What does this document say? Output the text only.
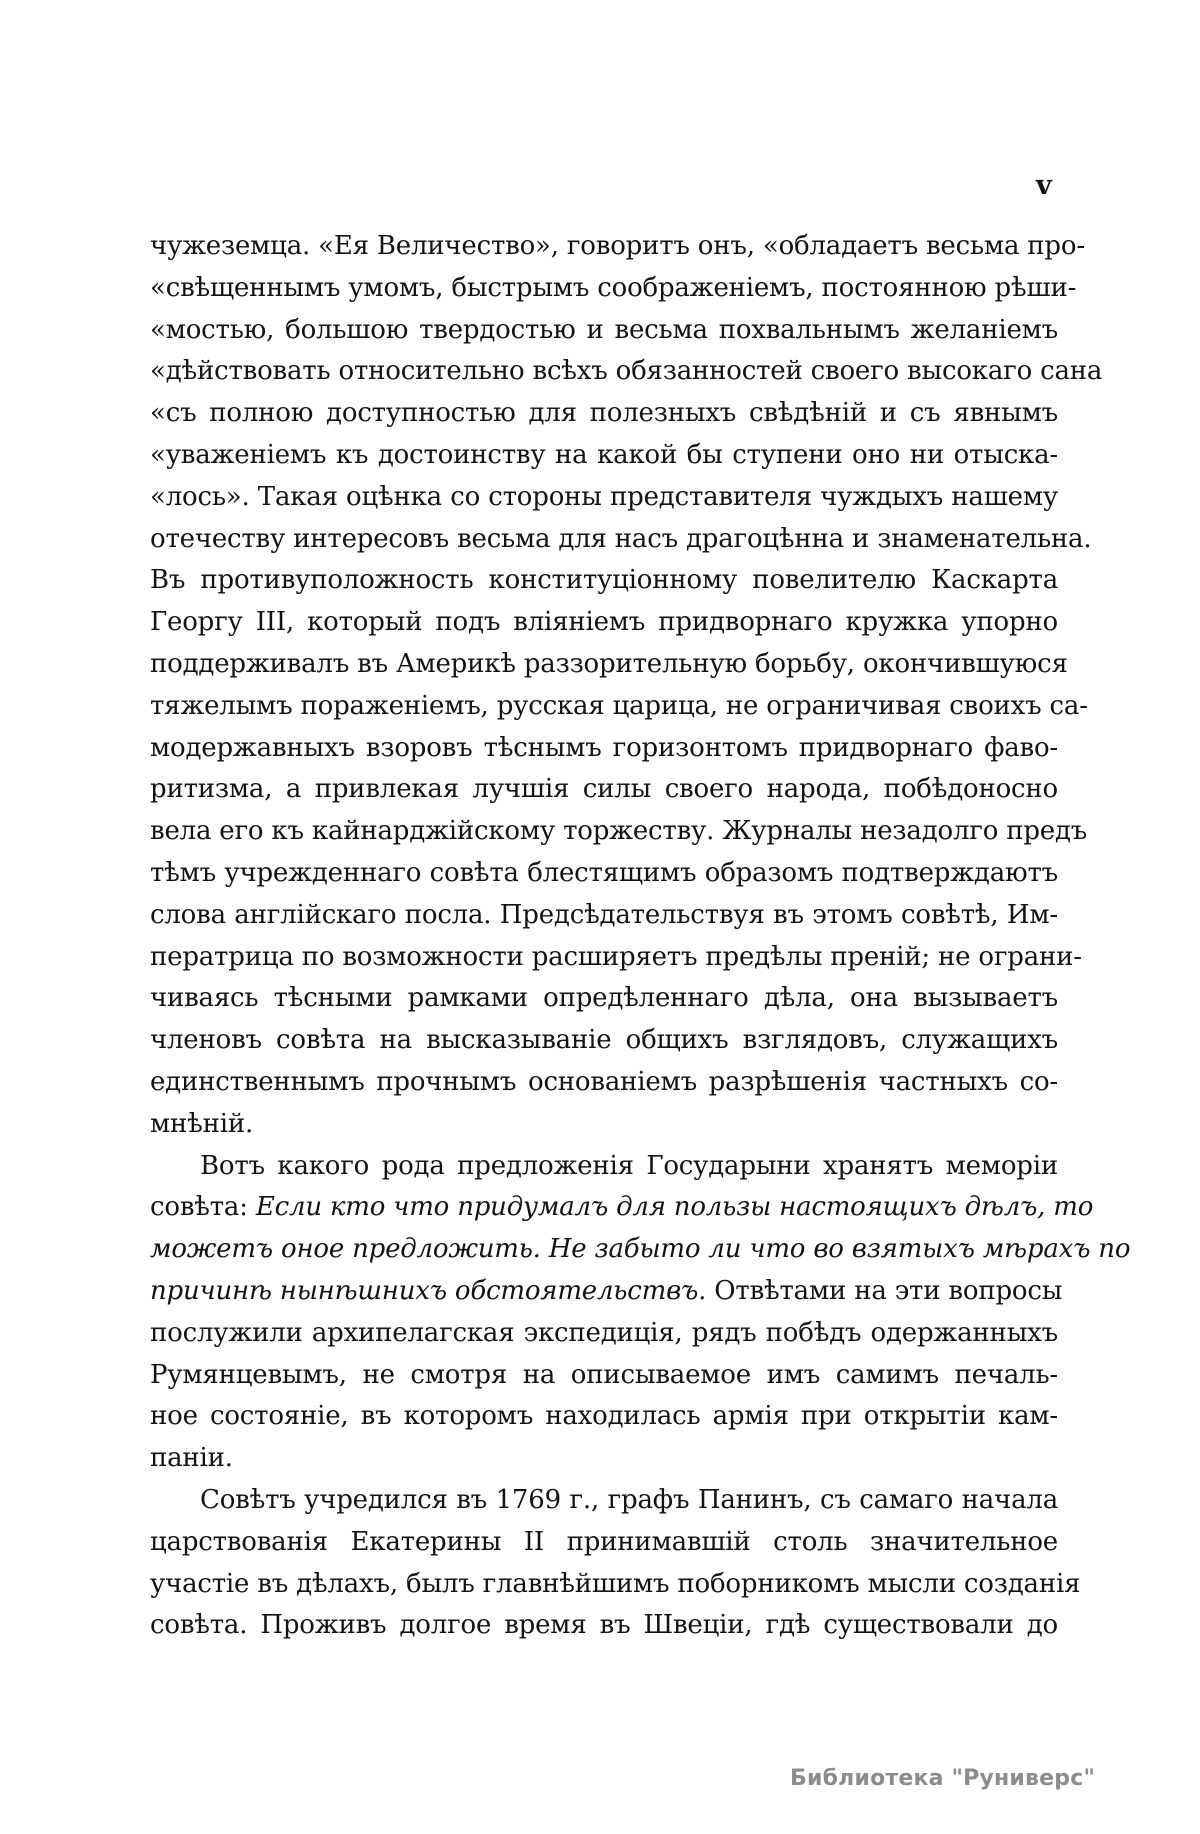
v
чужеземца. «Ея Величество», говоритъ онъ, «обладаетъ весьма про-
«свѣщеннымъ умомъ, быстрымъ соображеніемъ, постоянною рѣши-
«мостью, большою твердостью и весьма похвальнымъ желаніемъ
«дѣйствовать относительно всѣхъ обязанностей своего высокаго сана
«съ полною доступностью для полезныхъ свѣдѣній и съ явнымъ
«уваженіемъ къ достоинству на какой бы ступени оно ни отыска-
«лось». Такая оцѣнка со стороны представителя чуждыхъ нашему
отечеству интересовъ весьма для насъ драгоцѣнна и знаменательна.
Въ противуположность конституціонному повелителю Каскарта
Георгу III, который подъ вліяніемъ придворнаго кружка упорно
поддерживалъ въ Америкѣ раззорительную борьбу, окончившуюся
тяжелымъ пораженіемъ, русская царица, не ограничивая своихъ са-
модержавныхъ взоровъ тѣснымъ горизонтомъ придворнаго фаво-
ритизма, а привлекая лучшія силы своего народа, побѣдоносно
вела его къ кайнарджійскому торжеству. Журналы незадолго предъ
тѣмъ учрежденнаго совѣта блестящимъ образомъ подтверждаютъ
слова англійскаго посла. Предсѣдательствуя въ этомъ совѣтѣ, Им-
ператрица по возможности расширяетъ предѣлы преній; не ограни-
чиваясь тѣсными рамками опредѣленнаго дѣла, она вызываетъ
членовъ совѣта на высказываніе общихъ взглядовъ, служащихъ
единственнымъ прочнымъ основаніемъ разрѣшенія частныхъ со-
мнѣній.
Вотъ какого рода предложенія Государыни хранятъ меморіи
совѣта: Если кто что придумалъ для пользы настоящихъ дѣлъ, то
можетъ оное предложить. Не забыто ли что во взятыхъ мѣрахъ по
причинѣ нынѣшнихъ обстоятельствъ. Отвѣтами на эти вопросы
послужили архипелагская экспедиція, рядъ побѣдъ одержанныхъ
Румянцевымъ, не смотря на описываемое имъ самимъ печаль-
ное состояніе, въ которомъ находилась армія при открытіи кам-
паніи.
Совѣтъ учредился въ 1769 г., графъ Панинъ, съ самаго начала
царствованія Екатерины II принимавшій столь значительное
участіе въ дѣлахъ, былъ главнѣйшимъ поборникомъ мысли созданія
совѣта. Проживъ долгое время въ Швеціи, гдѣ существовали до
Библиотека "Руниверс"
